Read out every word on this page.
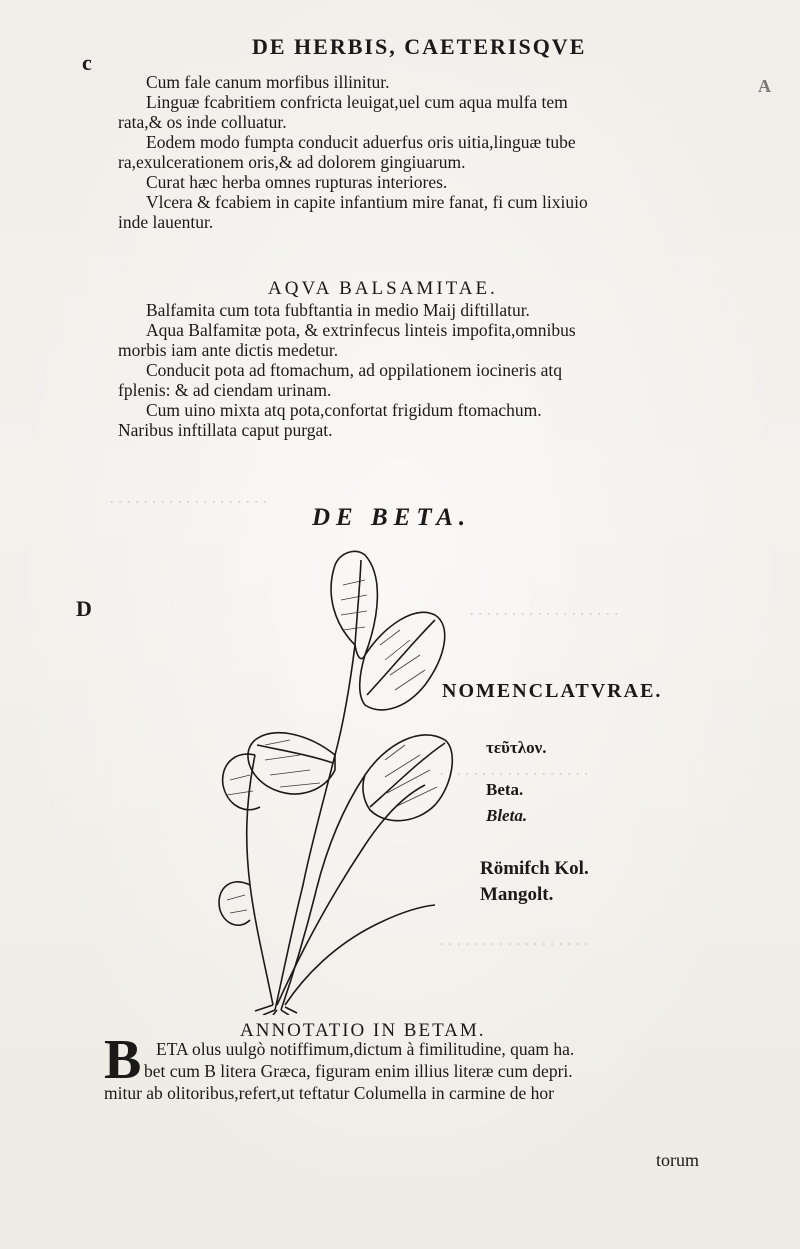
. . . . . . . . . . . . . . . . . . .
. . . . . . . . . . . . . . . . . .
. . . . . . . . . . . . . . . . . .
. . . . . . . . . . . . . . . . . .
c
A
D
DE HERBIS, CAETERISQVE
Cum fale canum morfibus illinitur.
Linguæ fcabritiem confricta leuigat,uel cum aqua mulfa tem
rata,& os inde colluatur.
Eodem modo fumpta conducit aduerfus oris uitia,linguæ tube
ra,exulcerationem oris,& ad dolorem gingiuarum.
Curat hæc herba omnes rupturas interiores.
Vlcera & fcabiem in capite infantium mire fanat, fi cum lixiuio
inde lauentur.
AQVA BALSAMITAE.
Balfamita cum tota fubftantia in medio Maij diftillatur.
Aqua Balfamitæ pota, & extrinfecus linteis impofita,omnibus
morbis iam ante dictis medetur.
Conducit pota ad ftomachum, ad oppilationem iocineris atq
fplenis: & ad ciendam urinam.
Cum uino mixta atq pota,confortat frigidum ftomachum.
Naribus inftillata caput purgat.
DE BETA.
NOMENCLATVRAE.
τεῦτλον.
Beta.
Bleta.
Römifch Kol.
Mangolt.
ANNOTATIO IN BETAM.
B ETA olus uulgò notiffimum,dictum à fimilitudine, quam ha.
bet cum B litera Græca, figuram enim illius literæ cum depri.
mitur ab olitoribus,refert,ut teftatur Columella in carmine de hor
torum
